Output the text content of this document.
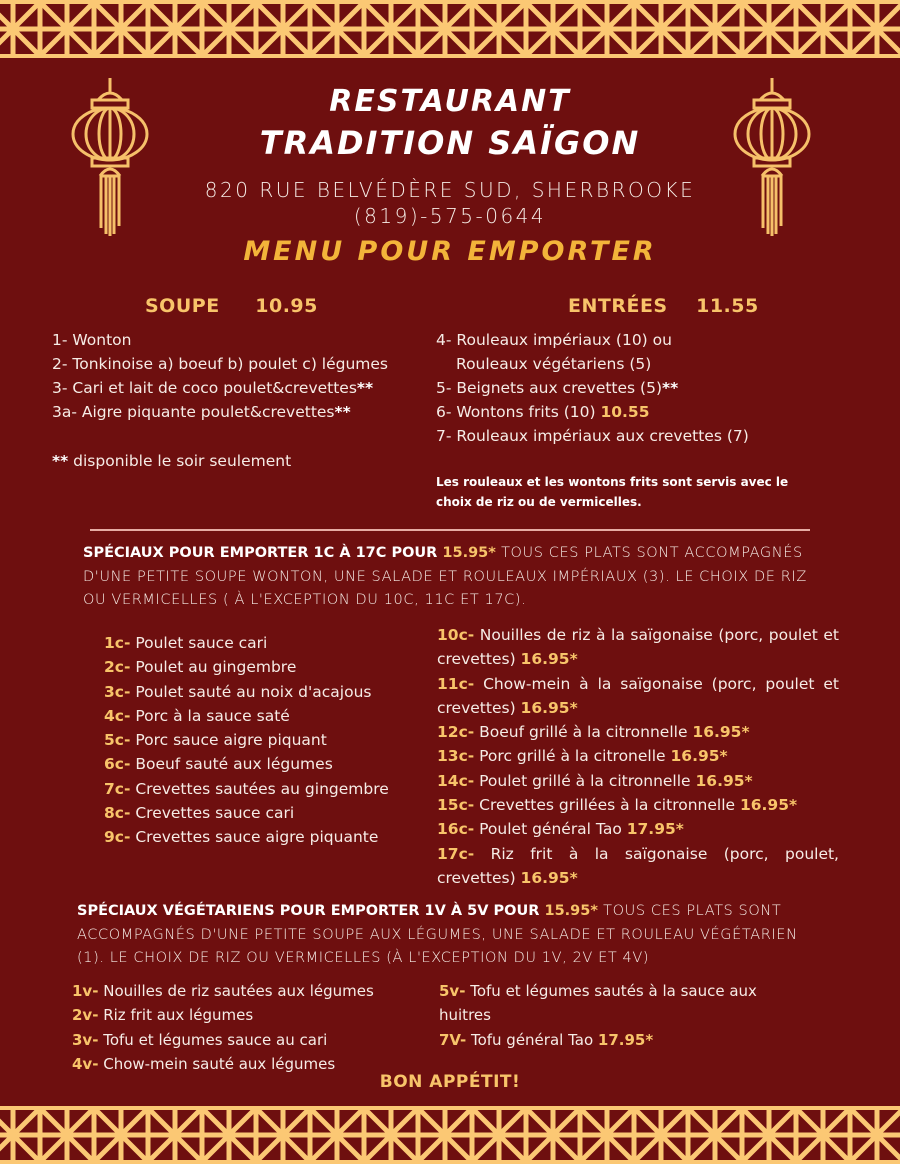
RESTAURANT
TRADITION SAÏGON
820 RUE BELVÉDÈRE SUD, SHERBROOKE
(819)-575-0644
MENU POUR EMPORTER
SOUPE 10.95
1- Wonton
2- Tonkinoise a) boeuf b) poulet c) légumes
3- Cari et lait de coco poulet&crevettes**
3a- Aigre piquante poulet&crevettes**
** disponible le soir seulement
ENTRÉES 11.55
4- Rouleaux impériaux (10) ou
Rouleaux végétariens (5)
5- Beignets aux crevettes (5)**
6- Wontons frits (10) 10.55
7- Rouleaux impériaux aux crevettes (7)
Les rouleaux et les wontons frits sont servis avec le choix de riz ou de vermicelles.
SPÉCIAUX POUR EMPORTER 1C À 17C POUR 15.95* TOUS CES PLATS SONT ACCOMPAGNÉS D'UNE PETITE SOUPE WONTON, UNE SALADE ET ROULEAUX IMPÉRIAUX (3). LE CHOIX DE RIZ OU VERMICELLES ( À L'EXCEPTION DU 10C, 11C ET 17C).
1c- Poulet sauce cari
2c- Poulet au gingembre
3c- Poulet sauté au noix d'acajous
4c- Porc à la sauce saté
5c- Porc sauce aigre piquant
6c- Boeuf sauté aux légumes
7c- Crevettes sautées au gingembre
8c- Crevettes sauce cari
9c- Crevettes sauce aigre piquante
10c- Nouilles de riz à la saïgonaise (porc, poulet et crevettes) 16.95*
11c- Chow-mein à la saïgonaise (porc, poulet et crevettes) 16.95*
12c- Boeuf grillé à la citronnelle 16.95*
13c- Porc grillé à la citronelle 16.95*
14c- Poulet grillé à la citronnelle 16.95*
15c- Crevettes grillées à la citronnelle 16.95*
16c- Poulet général Tao 17.95*
17c- Riz frit à la saïgonaise (porc, poulet, crevettes) 16.95*
SPÉCIAUX VÉGÉTARIENS POUR EMPORTER 1V À 5V POUR 15.95* TOUS CES PLATS SONT ACCOMPAGNÉS D'UNE PETITE SOUPE AUX LÉGUMES, UNE SALADE ET ROULEAU VÉGÉTARIEN (1). LE CHOIX DE RIZ OU VERMICELLES (À L'EXCEPTION DU 1V, 2V ET 4V)
1v- Nouilles de riz sautées aux légumes
2v- Riz frit aux légumes
3v- Tofu et légumes sauce au cari
4v- Chow-mein sauté aux légumes
5v- Tofu et légumes sautés à la sauce aux huitres
7V- Tofu général Tao 17.95*
BON APPÉTIT!
